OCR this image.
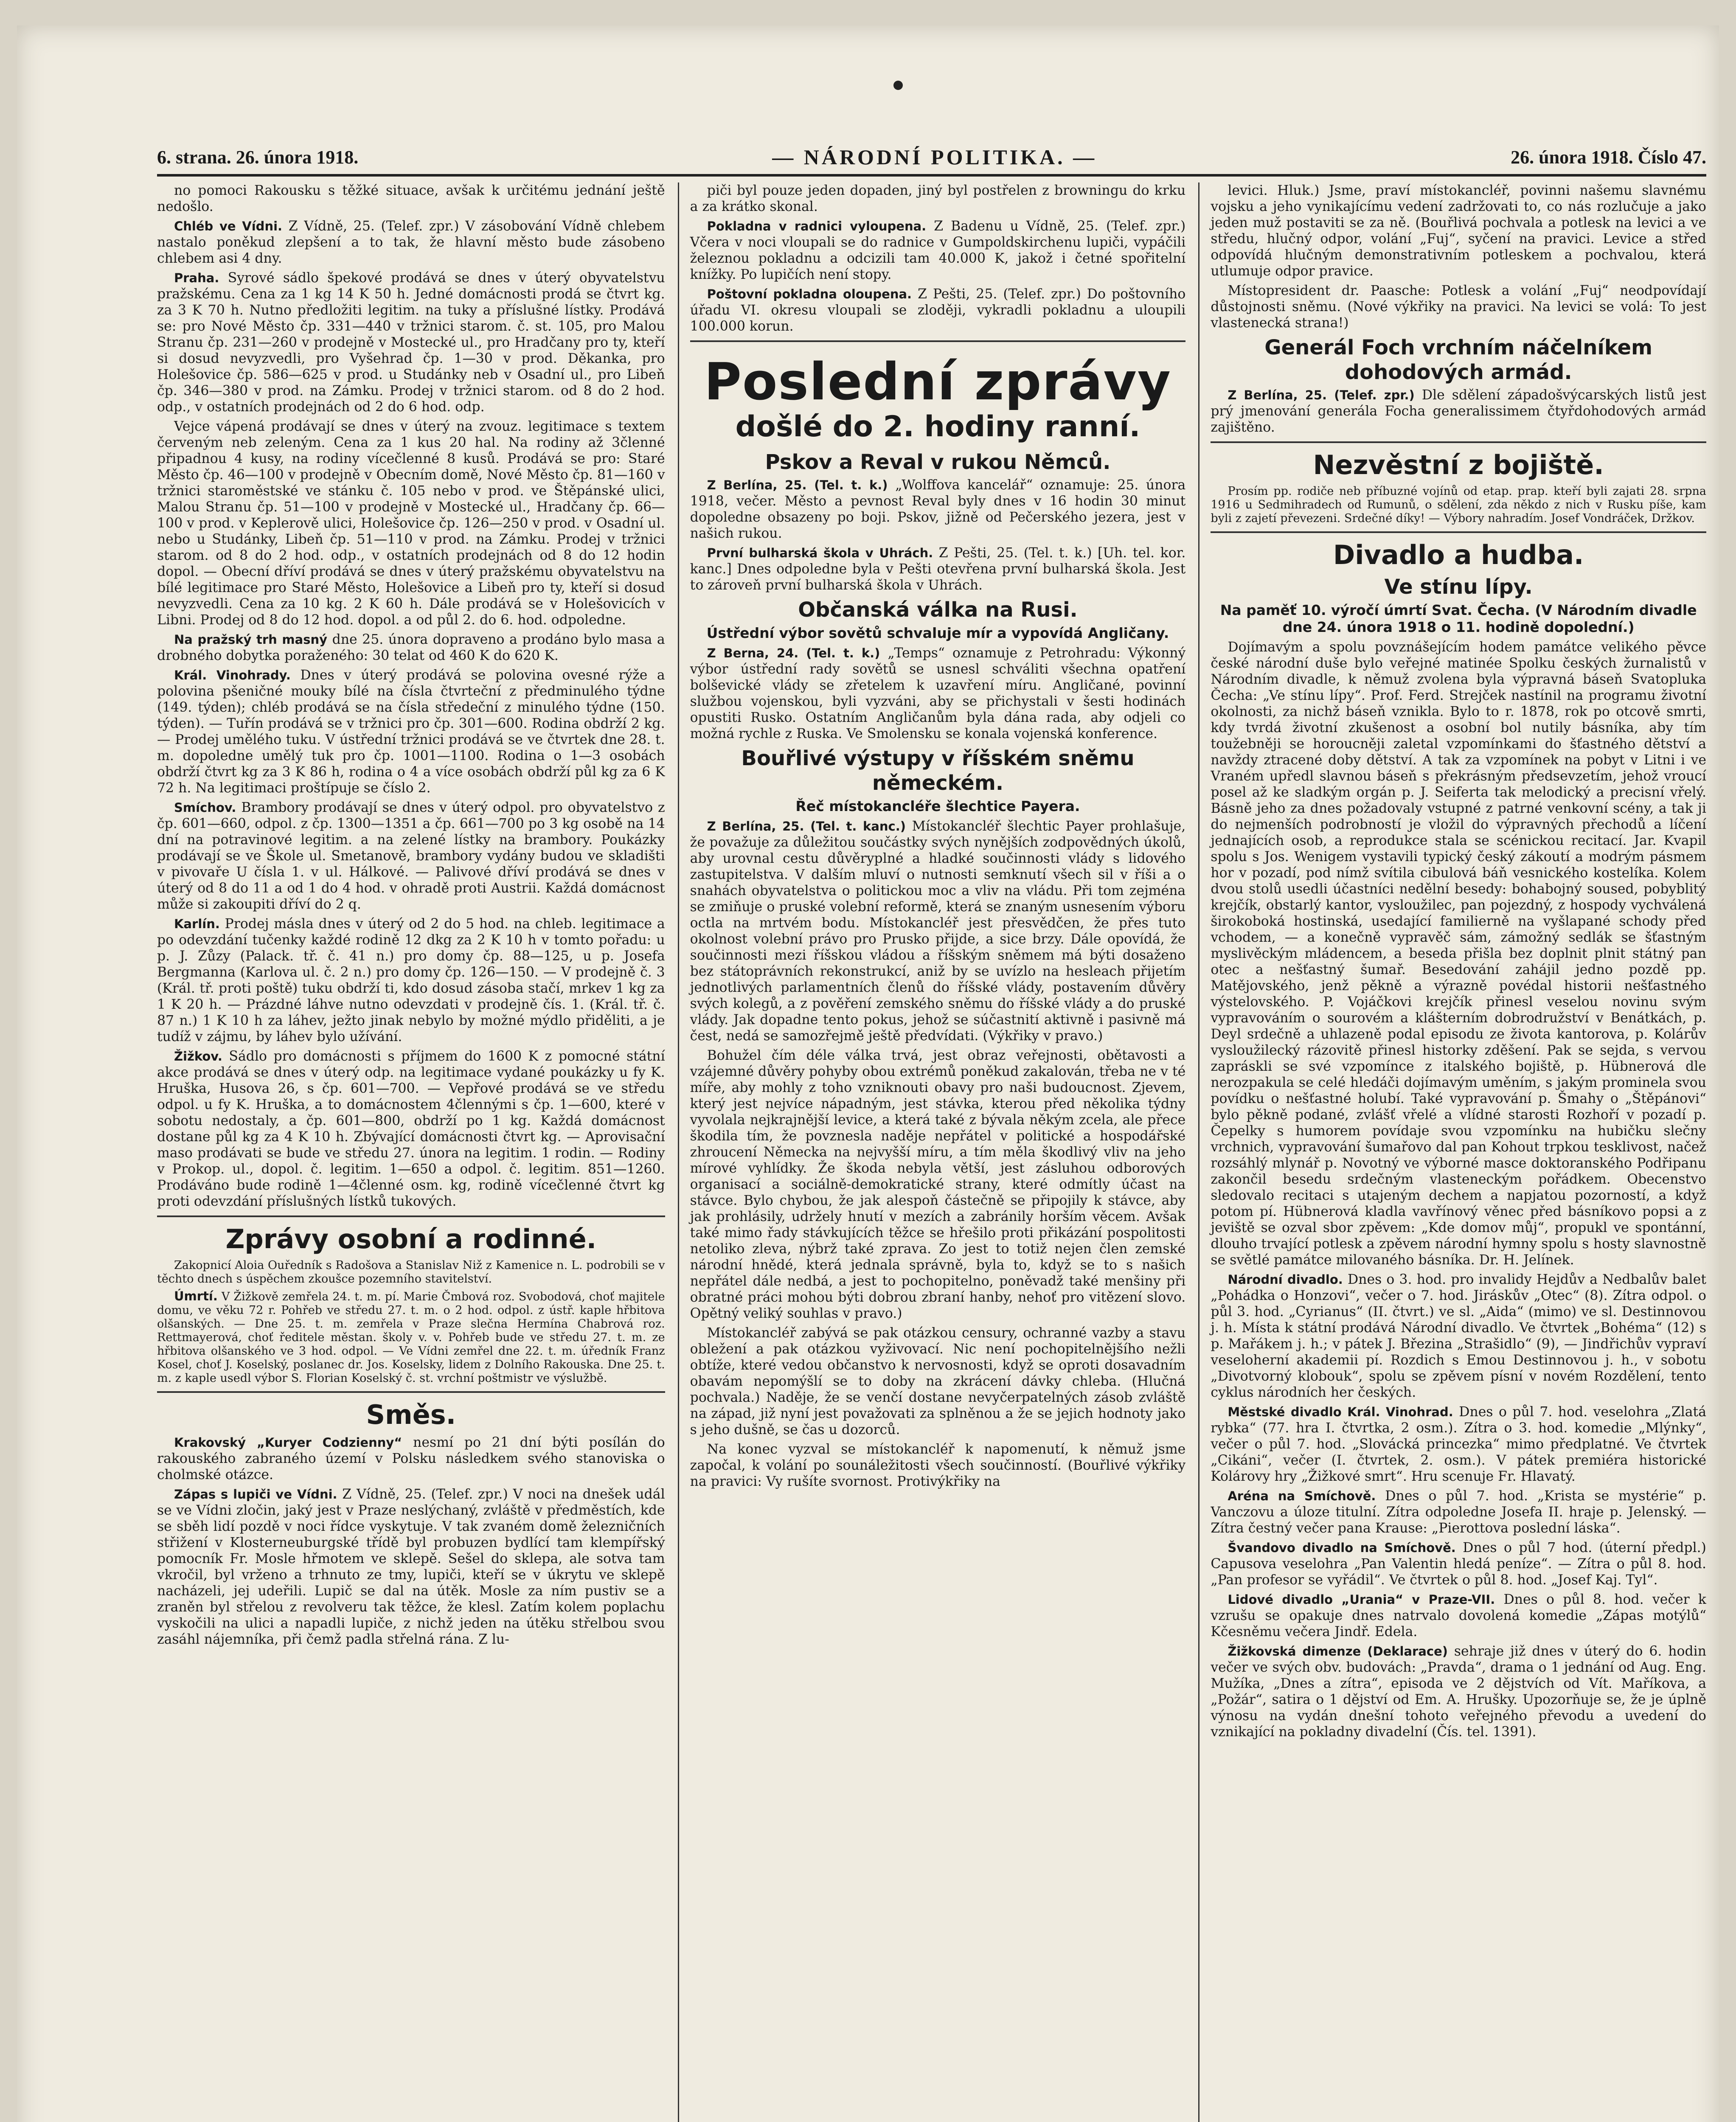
6. strana. 26. února 1918.	— NÁRODNÍ POLITIKA. —	26. února 1918. Číslo 47.

no pomoci Rakousku s těžké situace, avšak k určitému jednání ještě nedošlo.

Chléb ve Vídni. Z Vídně, 25. (Telef. zpr.) V zásobování Vídně chlebem nastalo poněkud zlepšení a to tak, že hlavní město bude zásobeno chlebem asi 4 dny.

Praha. Syrové sádlo špekové prodává se dnes v úterý obyvatelstvu pražskému. Cena za 1 kg 14 K 50 h. Jedné domácnosti prodá se čtvrt kg. za 3 K 70 h. Nutno předložiti legitim. na tuky a příslušné lístky. Prodává se: pro Nové Město čp. 331—440 v tržnici starom. č. st. 105, pro Malou Stranu čp. 231—260 v prodejně v Mostecké ul., pro Hradčany pro ty, kteří si dosud nevyzvedli, pro Vyšehrad čp. 1—30 v prod. Děkanka, pro Holešovice čp. 586—625 v prod. u Studánky neb v Osadní ul., pro Libeň čp. 346—380 v prod. na Zámku. Prodej v tržnici starom. od 8 do 2 hod. odp., v ostatních prodejnách od 2 do 6 hod. odp.

Vejce vápená prodávají se dnes v úterý na zvouz. legitimace s textem červeným neb zeleným. Cena za 1 kus 20 hal. Na rodiny až 3členné připadnou 4 kusy, na rodiny vícečlenné 8 kusů. Prodává se pro: Staré Město čp. 46—100 v prodejně v Obecním domě, Nové Město čp. 81—160 v tržnici staroměstské ve stánku č. 105 nebo v prod. ve Štěpánské ulici, Malou Stranu čp. 51—100 v prodejně v Mostecké ul., Hradčany čp. 66—100 v prod. v Keplerově ulici, Holešovice čp. 126—250 v prod. v Osadní ul. nebo u Studánky, Libeň čp. 51—110 v prod. na Zámku. Prodej v tržnici starom. od 8 do 2 hod. odp., v ostatních prodejnách od 8 do 12 hodin dopol. — Obecní dříví prodává se dnes v úterý pražskému obyvatelstvu na bílé legitimace pro Staré Město, Holešovice a Libeň pro ty, kteří si dosud nevyzvedli. Cena za 10 kg. 2 K 60 h. Dále prodává se v Holešovicích v Libni. Prodej od 8 do 12 hod. dopol. a od půl 2. do 6. hod. odpoledne.

Na pražský trh masný dne 25. února dopraveno a prodáno bylo masa a drobného dobytka poraženého: 30 telat od 460 K do 620 K.

Král. Vinohrady. Dnes v úterý prodává se polovina ovesné rýže a polovina pšeničné mouky bílé na čísla čtvrteční z předminulého týdne (149. týden); chléb prodává se na čísla středeční z minulého týdne (150. týden). — Tuřín prodává se v tržnici pro čp. 301—600. Rodina obdrží 2 kg. — Prodej umělého tuku. V ústřední tržnici prodává se ve čtvrtek dne 28. t. m. dopoledne umělý tuk pro čp. 1001—1100. Rodina o 1—3 osobách obdrží čtvrt kg za 3 K 86 h, rodina o 4 a více osobách obdrží půl kg za 6 K 72 h. Na legitimaci proštípuje se číslo 2.

Smíchov. Brambory prodávají se dnes v úterý odpol. pro obyvatelstvo z čp. 601—660, odpol. z čp. 1300—1351 a čp. 661—700 po 3 kg osobě na 14 dní na potravinové legitim. a na zelené lístky na brambory. Poukázky prodávají se ve Škole ul. Smetanově, brambory vydány budou ve skladišti v pivovaře U čísla 1. v ul. Hálkové. — Palivové dříví prodává se dnes v úterý od 8 do 11 a od 1 do 4 hod. v ohradě proti Austrii. Každá domácnost může si zakoupiti dříví do 2 q.

Karlín. Prodej másla dnes v úterý od 2 do 5 hod. na chleb. legitimace a po odevzdání tučenky každé rodině 12 dkg za 2 K 10 h v tomto pořadu: u p. J. Zůzy (Palack. tř. č. 41 n.) pro domy čp. 88—125, u p. Josefa Bergmanna (Karlova ul. č. 2 n.) pro domy čp. 126—150. — V prodejně č. 3 (Král. tř. proti poště) tuku obdrží ti, kdo dosud zásoba stačí, mrkev 1 kg za 1 K 20 h. — Prázdné láhve nutno odevzdati v prodejně čís. 1. (Král. tř. č. 87 n.) 1 K 10 h za láhev, ježto jinak nebylo by možné mýdlo přiděliti, a je tudíž v zájmu, by láhev bylo užívání.

Žižkov. Sádlo pro domácnosti s příjmem do 1600 K z pomocné státní akce prodává se dnes v úterý odp. na legitimace vydané poukázky u fy K. Hruška, Husova 26, s čp. 601—700. — Vepřové prodává se ve středu odpol. u fy K. Hruška, a to domácnostem 4člennými s čp. 1—600, které v sobotu nedostaly, a čp. 601—800, obdrží po 1 kg. Každá domácnost dostane půl kg za 4 K 10 h. Zbývající domácnosti čtvrt kg. — Aprovisační maso prodávati se bude ve středu 27. února na legitim. 1 rodin. — Rodiny v Prokop. ul., dopol. č. legitim. 1—650 a odpol. č. legitim. 851—1260. Prodáváno bude rodině 1—4členné osm. kg, rodině vícečlenné čtvrt kg proti odevzdání příslušných lístků tukových.

Zprávy osobní a rodinné.

Zakopnicí Aloia Ouředník s Radošova a Stanislav Niž z Kamenice n. L. podrobili se v těchto dnech s úspěchem zkoušce pozemního stavitelství.

Úmrtí. V Žižkově zemřela 24. t. m. pí. Marie Čmbová roz. Svobodová, choť majitele domu, ve věku 72 r. Pohřeb ve středu 27. t. m. o 2 hod. odpol. z ústř. kaple hřbitova olšanských. — Dne 25. t. m. zemřela v Praze slečna Hermína Chabrová roz. Rettmayerová, choť ředitele městan. školy v. v. Pohřeb bude ve středu 27. t. m. ze hřbitova olšanského ve 3 hod. odpol. — Ve Vídni zemřel dne 22. t. m. úředník Franz Kosel, choť J. Koselský, poslanec dr. Jos. Koselsky, lidem z Dolního Rakouska. Dne 25. t. m. z kaple usedl výbor S. Florian Koselský č. st. vrchní poštmistr ve výslužbě.

Směs.

Krakovský „Kuryer Codzienny“ nesmí po 21 dní býti posílán do rakouského zabraného území v Polsku následkem svého stanoviska o cholmské otázce.

Zápas s lupiči ve Vídni. Z Vídně, 25. (Telef. zpr.) V noci na dnešek udál se ve Vídni zločin, jaký jest v Praze neslýchaný, zvláště v předměstích, kde se sběh lidí pozdě v noci řídce vyskytuje. V tak zvaném domě železničních střižení v Klosterneuburgské třídě byl probuzen bydlící tam klempířský pomocník Fr. Mosle hřmotem ve sklepě. Sešel do sklepa, ale sotva tam vkročil, byl vrženo a trhnuto ze tmy, lupiči, kteří se v úkrytu ve sklepě nacházeli, jej udeřili. Lupič se dal na útěk. Mosle za ním pustiv se a zraněn byl střelou z revolveru tak těžce, že klesl. Zatím kolem poplachu vyskočili na ulici a napadli lupiče, z nichž jeden na útěku střelbou svou zasáhl nájemníka, při čemž padla střelná rána. Z lu-

piči byl pouze jeden dopaden, jiný byl postřelen z browningu do krku a za krátko skonal.

Pokladna v radnici vyloupena. Z Badenu u Vídně, 25. (Telef. zpr.) Včera v noci vloupali se do radnice v Gumpoldskirchenu lupiči, vypáčili železnou pokladnu a odcizili tam 40.000 K, jakož i četné spořitelní knížky. Po lupičích není stopy.

Poštovní pokladna oloupena. Z Pešti, 25. (Telef. zpr.) Do poštovního úřadu VI. okresu vloupali se zloději, vykradli pokladnu a uloupili 100.000 korun.

Poslední zprávy
došlé do 2. hodiny ranní.
Pskov a Reval v rukou Němců.

Z Berlína, 25. (Tel. t. k.) „Wolffova kancelář“ oznamuje: 25. února 1918, večer. Město a pevnost Reval byly dnes v 16 hodin 30 minut dopoledne obsazeny po boji. Pskov, jižně od Pečerského jezera, jest v našich rukou.

První bulharská škola v Uhrách. Z Pešti, 25. (Tel. t. k.) [Uh. tel. kor. kanc.] Dnes odpoledne byla v Pešti otevřena první bulharská škola. Jest to zároveň první bulharská škola v Uhrách.

Občanská válka na Rusi.
Ústřední výbor sovětů schvaluje mír a vypovídá Angličany.

Z Berna, 24. (Tel. t. k.) „Temps“ oznamuje z Petrohradu: Výkonný výbor ústřední rady sovětů se usnesl schváliti všechna opatření bolševické vlády se zřetelem k uzavření míru. Angličané, povinní službou vojenskou, byli vyzváni, aby se přichystali v šesti hodinách opustiti Rusko. Ostatním Angličanům byla dána rada, aby odjeli co možná rychle z Ruska. Ve Smolensku se konala vojenská konference.

Bouřlivé výstupy v říšském sněmu německém.
Řeč místokancléře šlechtice Payera.

Z Berlína, 25. (Tel. t. kanc.) Místokancléř šlechtic Payer prohlašuje, že považuje za důležitou součástky svých nynějších zodpovědných úkolů, aby urovnal cestu důvěryplné a hladké součinnosti vlády s lidového zastupitelstva. V dalším mluví o nutnosti semknutí všech sil v říši a o snahách obyvatelstva o politickou moc a vliv na vládu. Při tom zejména se zmiňuje o pruské volební reformě, která se znaným usnesením výboru octla na mrtvém bodu. Místokancléř jest přesvědčen, že přes tuto okolnost volební právo pro Prusko přijde, a sice brzy. Dále opovídá, že součinnosti mezi říšskou vládou a říšským sněmem má býti dosaženo bez státoprávních rekonstrukcí, aniž by se uvízlo na hesleach přijetím jednotlivých parlamentních členů do říšské vlády, postavením důvěry svých kolegů, a z pověření zemského sněmu do říšské vlády a do pruské vlády. Jak dopadne tento pokus, jehož se súčastnití aktivně i pasivně má čest, nedá se samozřejmě ještě předvídati. (Výkřiky v pravo.)

Bohužel čím déle válka trvá, jest obraz veřejnosti, obětavosti a vzájemné důvěry pohyby obou extrémů poněkud zakalován, třeba ne v té míře, aby mohly z toho vzniknouti obavy pro naši budoucnost. Zjevem, který jest nejvíce nápadným, jest stávka, kterou před několika týdny vyvolala nejkrajnější levice, a která také z bývala někým zcela, ale přece škodila tím, že povznesla naděje nepřátel v politické a hospodářské zhroucení Německa na nejvyšší míru, a tím měla škodlivý vliv na jeho mírové vyhlídky. Že škoda nebyla větší, jest zásluhou odborových organisací a sociálně-demokratické strany, které odmítly účast na stávce. Bylo chybou, že jak alespoň částečně se připojily k stávce, aby jak prohlásily, udržely hnutí v mezích a zabránily horším věcem. Avšak také mimo řady stávkujících těžce se hřešilo proti přikázání pospolitosti netoliko zleva, nýbrž také zprava. Zo jest to totiž nejen člen zemské národní hnědé, která jednala správně, byla to, když se to s našich nepřátel dále nedbá, a jest to pochopitelno, poněvadž také menšiny při obratné práci mohou býti dobrou zbraní hanby, nehoť pro vitězení slovo. Opětný veliký souhlas v pravo.)

Místokancléř zabývá se pak otázkou censury, ochranné vazby a stavu obležení a pak otázkou vyživovací. Nic není pochopitelnějšího nežli obtíže, které vedou občanstvo k nervosnosti, když se oproti dosavadním obavám nepomýšlí se to doby na zkrácení dávky chleba. (Hlučná pochvala.) Naděje, že se venčí dostane nevyčerpatelných zásob zvláště na západ, již nyní jest považovati za splněnou a že se jejich hodnoty jako s jeho dušně, se čas u dozorců.

Na konec vyzval se místokancléř k napomenutí, k němuž jsme započal, k volání po sounáležitosti všech součinností. (Bouřlivé výkřiky na pravici: Vy rušíte svornost. Protivýkřiky na

levici. Hluk.) Jsme, praví místokancléř, povinni našemu slavnému vojsku a jeho vynikajícímu vedení zadržovati to, co nás rozlučuje a jako jeden muž postaviti se za ně. (Bouřlivá pochvala a potlesk na levici a ve středu, hlučný odpor, volání „Fuj“, syčení na pravici. Levice a střed odpovídá hlučným demonstrativním potleskem a pochvalou, která utlumuje odpor pravice.

Místopresident dr. Paasche: Potlesk a volání „Fuj“ neodpovídají důstojnosti sněmu. (Nové výkřiky na pravici. Na levici se volá: To jest vlastenecká strana!)

Generál Foch vrchním náčelníkem dohodových armád.

Z Berlína, 25. (Telef. zpr.) Dle sdělení západošvýcarských listů jest prý jmenování generála Focha generalissimem čtyřdohodových armád zajištěno.

Nezvěstní z bojiště.

Prosím pp. rodiče neb příbuzné vojínů od etap. prap. kteří byli zajati 28. srpna 1916 u Sedmihradech od Rumunů, o sdělení, zda někdo z nich v Rusku píše, kam byli z zajetí převezeni. Srdečné díky! — Výbory nahradím. Josef Vondráček, Držkov.

Divadlo a hudba.
Ve stínu lípy.
Na paměť 10. výročí úmrtí Svat. Čecha. (V Národním divadle dne 24. února 1918 o 11. hodině dopolední.)

Dojímavým a spolu povznášejícím hodem památce velikého pěvce české národní duše bylo veřejné matinée Spolku českých žurnalistů v Národním divadle, k němuž zvolena byla výpravná báseň Svatopluka Čecha: „Ve stínu lípy“. Prof. Ferd. Strejček nastínil na programu životní okolnosti, za nichž báseň vznikla. Bylo to r. 1878, rok po otcově smrti, kdy tvrdá životní zkušenost a osobní bol nutily básníka, aby tím toužebněji se horoucněji zaletal vzpomínkami do šťastného dětství a navždy ztracené doby dětství. A tak za vzpomínek na pobyt v Litni i ve Vraném upředl slavnou báseň s překrásným předsevzetím, jehož vroucí posel až ke sladkým orgán p. J. Seiferta tak melodický a precisní vřelý. Básně jeho za dnes požadovaly vstupné z patrné venkovní scény, a tak ji do nejmenších podrobností je vložil do výpravných přechodů a líčení jednajících osob, a reprodukce stala se scénickou recitací. Jar. Kvapil spolu s Jos. Wenigem vystavili typický český zákoutí a modrým pásmem hor v pozadí, pod nímž svítila cibulová báň vesnického kostelíka. Kolem dvou stolů usedli účastníci nedělní besedy: bohabojný soused, pobyblitý krejčík, obstarlý kantor, vysloužilec, pan pojezdný, z hospody vychválená širokoboká hostinská, usedající familierně na vyšlapané schody před vchodem, — a konečně vypravěč sám, zámožný sedlák se šťastným myslivěckým mládencem, a beseda přišla bez doplnit plnit státný pan otec a nešťastný šumař. Besedování zahájil jedno pozdě pp. Matějovského, jenž pěkně a výrazně povédal historii nešťastného výstelovského. P. Vojáčkovi krejčík přinesl veselou novinu svým vypravováním o sourovém a klášterním dobrodružství v Benátkách, p. Deyl srdečně a uhlazeně podal episodu ze života kantorova, p. Kolárův vysloužilecký rázovitě přinesl historky zděšení. Pak se sejda, s vervou zapráskli se své vzpomínce z italského bojiště, p. Hübnerová dle nerozpakula se celé hledáči dojímavým uměním, s jakým prominela svou povídku o nešťastné holubí. Také vypravování p. Šmahy o „Štěpánovi“ bylo pěkně podané, zvlášť vřelé a vlídné starosti Rozhoří v pozadí p. Čepelky s humorem povídaje svou vzpomínku na hubičku slečny vrchnich, vypravování šumařovo dal pan Kohout trpkou tesklivost, načež rozsáhlý mlynář p. Novotný ve výborné masce doktoranského Podřipanu zakončil besedu srdečným vlasteneckým pořádkem. Obecenstvo sledovalo recitaci s utajeným dechem a napjatou pozorností, a když potom pí. Hübnerová kladla vavřínový věnec před básníkovo popsi a z jeviště se ozval sbor zpěvem: „Kde domov můj“, propukl ve spontánní, dlouho trvající potlesk a zpěvem národní hymny spolu s hosty slavnostně se světlé památce milovaného básníka. Dr. H. Jelínek.

Národní divadlo. Dnes o 3. hod. pro invalidy Hejdův a Nedbalův balet „Pohádka o Honzovi“, večer o 7. hod. Jiráskův „Otec“ (8). Zítra odpol. o půl 3. hod. „Cyrianus“ (II. čtvrt.) ve sl. „Aida“ (mimo) ve sl. Destinnovou j. h. Místa k státní prodává Národní divadlo. Ve čtvrtek „Bohéma“ (12) s p. Mařákem j. h.; v pátek J. Březina „Strašidlo“ (9), — Jindřichův vypraví veseloherní akademii pí. Rozdich s Emou Destinnovou j. h., v sobotu „Divotvorný klobouk“, spolu se zpěvem písní v novém Rozdělení, tento cyklus národních her českých.

Městské divadlo Král. Vinohrad. Dnes o půl 7. hod. veselohra „Zlatá rybka“ (77. hra I. čtvrtka, 2 osm.). Zítra o 3. hod. komedie „Mlýnky“, večer o půl 7. hod. „Slovácká princezka“ mimo předplatné. Ve čtvrtek „Cikáni“, večer (I. čtvrtek, 2. osm.). V pátek premiéra historické Kolárovy hry „Žižkové smrt“. Hru scenuje Fr. Hlavatý.

Aréna na Smíchově. Dnes o půl 7. hod. „Krista se mystérie“ p. Vanczovu a úloze titulní. Zítra odpoledne Josefa II. hraje p. Jelenský. — Zítra čestný večer pana Krause: „Pierottova poslední láska“.

Švandovo divadlo na Smíchově. Dnes o půl 7 hod. (úterní předpl.) Capusova veselohra „Pan Valentin hledá peníze“. — Zítra o půl 8. hod. „Pan profesor se vyřádil“. Ve čtvrtek o půl 8. hod. „Josef Kaj. Tyl“.

Lidové divadlo „Urania“ v Praze-VII. Dnes o půl 8. hod. večer k vzrušu se opakuje dnes natrvalo dovolená komedie „Zápas motýlů“ Kčesněmu večera Jindř. Edela.

Žižkovská dimenze (Deklarace) sehraje již dnes v úterý do 6. hodin večer ve svých obv. budovách: „Pravda“, drama o 1 jednání od Aug. Eng. Mužíka, „Dnes a zítra“, episoda ve 2 dějstvích od Vít. Maříkova, a „Požár“, satira o 1 dějství od Em. A. Hrušky. Upozorňuje se, že je úplně výnosu na vydán dnešní tohoto veřejného převodu a uvedení do vznikající na pokladny divadelní (Čís. tel. 1391).
